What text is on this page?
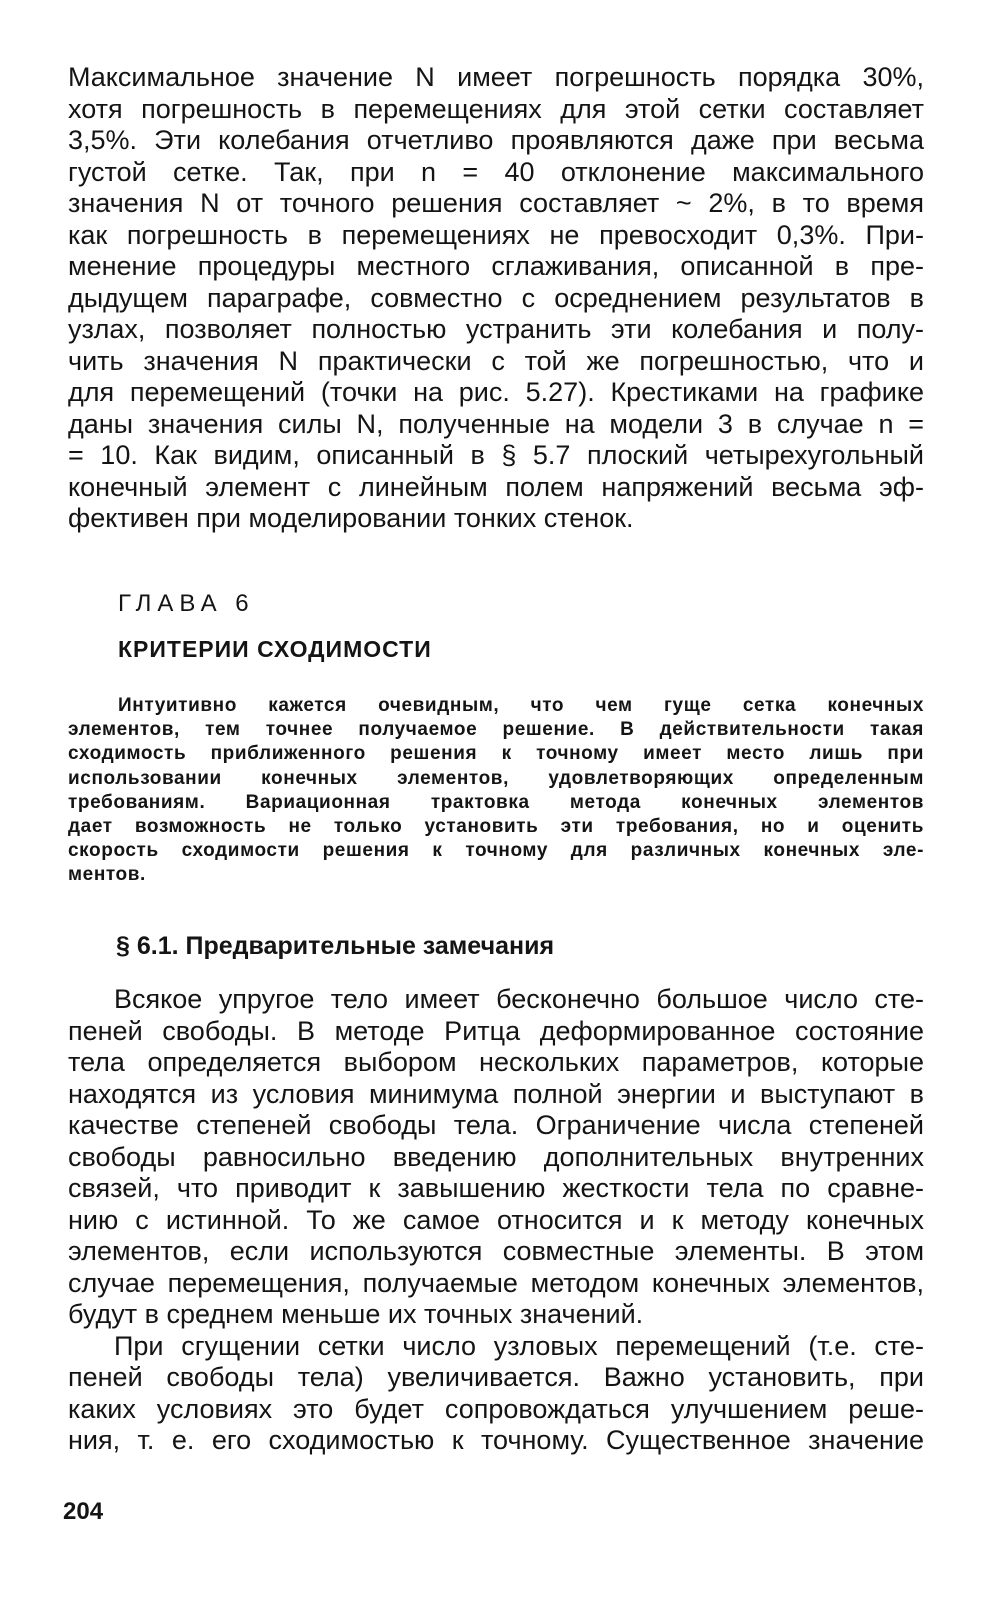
Максимальное значение N имеет погрешность порядка 30%,
хотя погрешность в перемещениях для этой сетки составляет
3,5%. Эти колебания отчетливо проявляются даже при весьма
густой сетке. Так, при n = 40 отклонение максимального
значения N от точного решения составляет ~ 2%, в то время
как погрешность в перемещениях не превосходит 0,3%. При-
менение процедуры местного сглаживания, описанной в пре-
дыдущем параграфе, совместно с осреднением результатов в
узлах, позволяет полностью устранить эти колебания и полу-
чить значения N практически с той же погрешностью, что и
для перемещений (точки на рис. 5.27). Крестиками на графике
даны значения силы N, полученные на модели 3 в случае n =
= 10. Как видим, описанный в § 5.7 плоский четырехугольный
конечный элемент с линейным полем напряжений весьма эф-
фективен при моделировании тонких стенок.
ГЛАВА 6
КРИТЕРИИ СХОДИМОСТИ
Интуитивно кажется очевидным, что чем гуще сетка конечных
элементов, тем точнее получаемое решение. В действительности такая
сходимость приближенного решения к точному имеет место лишь при
использовании конечных элементов, удовлетворяющих определенным
требованиям. Вариационная трактовка метода конечных элементов
дает возможность не только установить эти требования, но и оценить
скорость сходимости решения к точному для различных конечных эле-
ментов.
§ 6.1. Предварительные замечания
Всякое упругое тело имеет бесконечно большое число сте-
пеней свободы. В методе Ритца деформированное состояние
тела определяется выбором нескольких параметров, которые
находятся из условия минимума полной энергии и выступают в
качестве степеней свободы тела. Ограничение числа степеней
свободы равносильно введению дополнительных внутренних
связей, что приводит к завышению жесткости тела по сравне-
нию с истинной. То же самое относится и к методу конечных
элементов, если используются совместные элементы. В этом
случае перемещения, получаемые методом конечных элементов,
будут в среднем меньше их точных значений.
При сгущении сетки число узловых перемещений (т.е. сте-
пеней свободы тела) увеличивается. Важно установить, при
каких условиях это будет сопровождаться улучшением реше-
ния, т. е. его сходимостью к точному. Существенное значение
204
